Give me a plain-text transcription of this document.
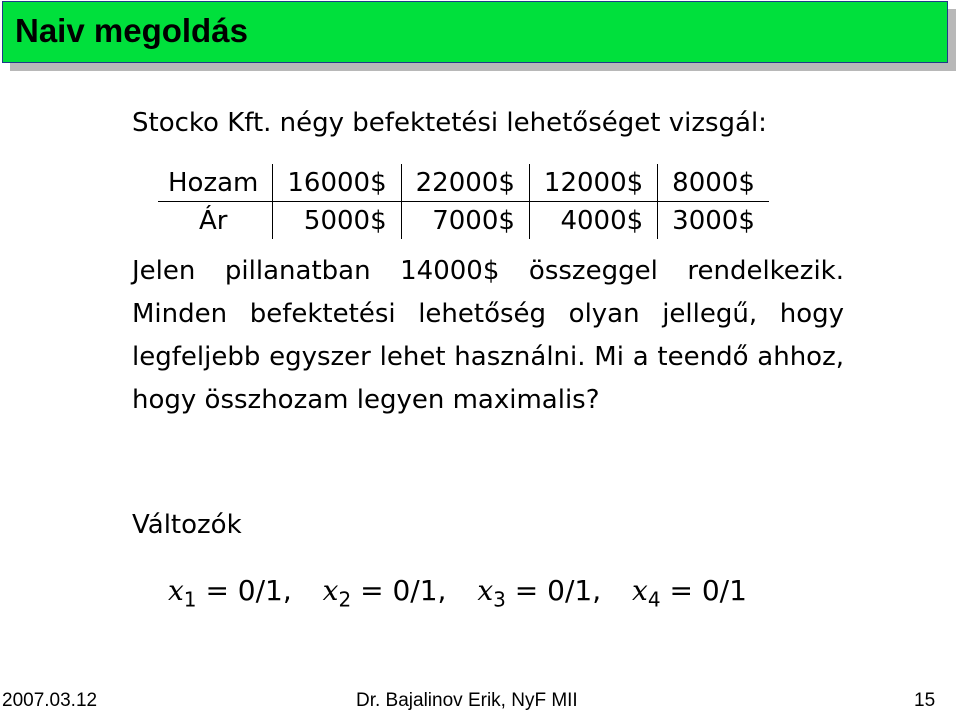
Naiv megoldás
Stocko Kft. négy befektetési lehetőséget vizsgál:
Hozam	16000$	22000$	12000$	8000$
Ár	5000$	7000$	4000$	3000$
Jelen pillanatban 14000$ összeggel rendelkezik. Minden befektetési lehetőség olyan jellegű, hogy legfeljebb egyszer lehet használni. Mi a teendő ahhoz, hogy összhozam legyen maximalis?
Változók
$x_1 = 0/1$, $x_2 = 0/1$, $x_3 = 0/1$, $x_4 = 0/1$
2007.03.12	Dr. Bajalinov Erik, NyF MII	15
